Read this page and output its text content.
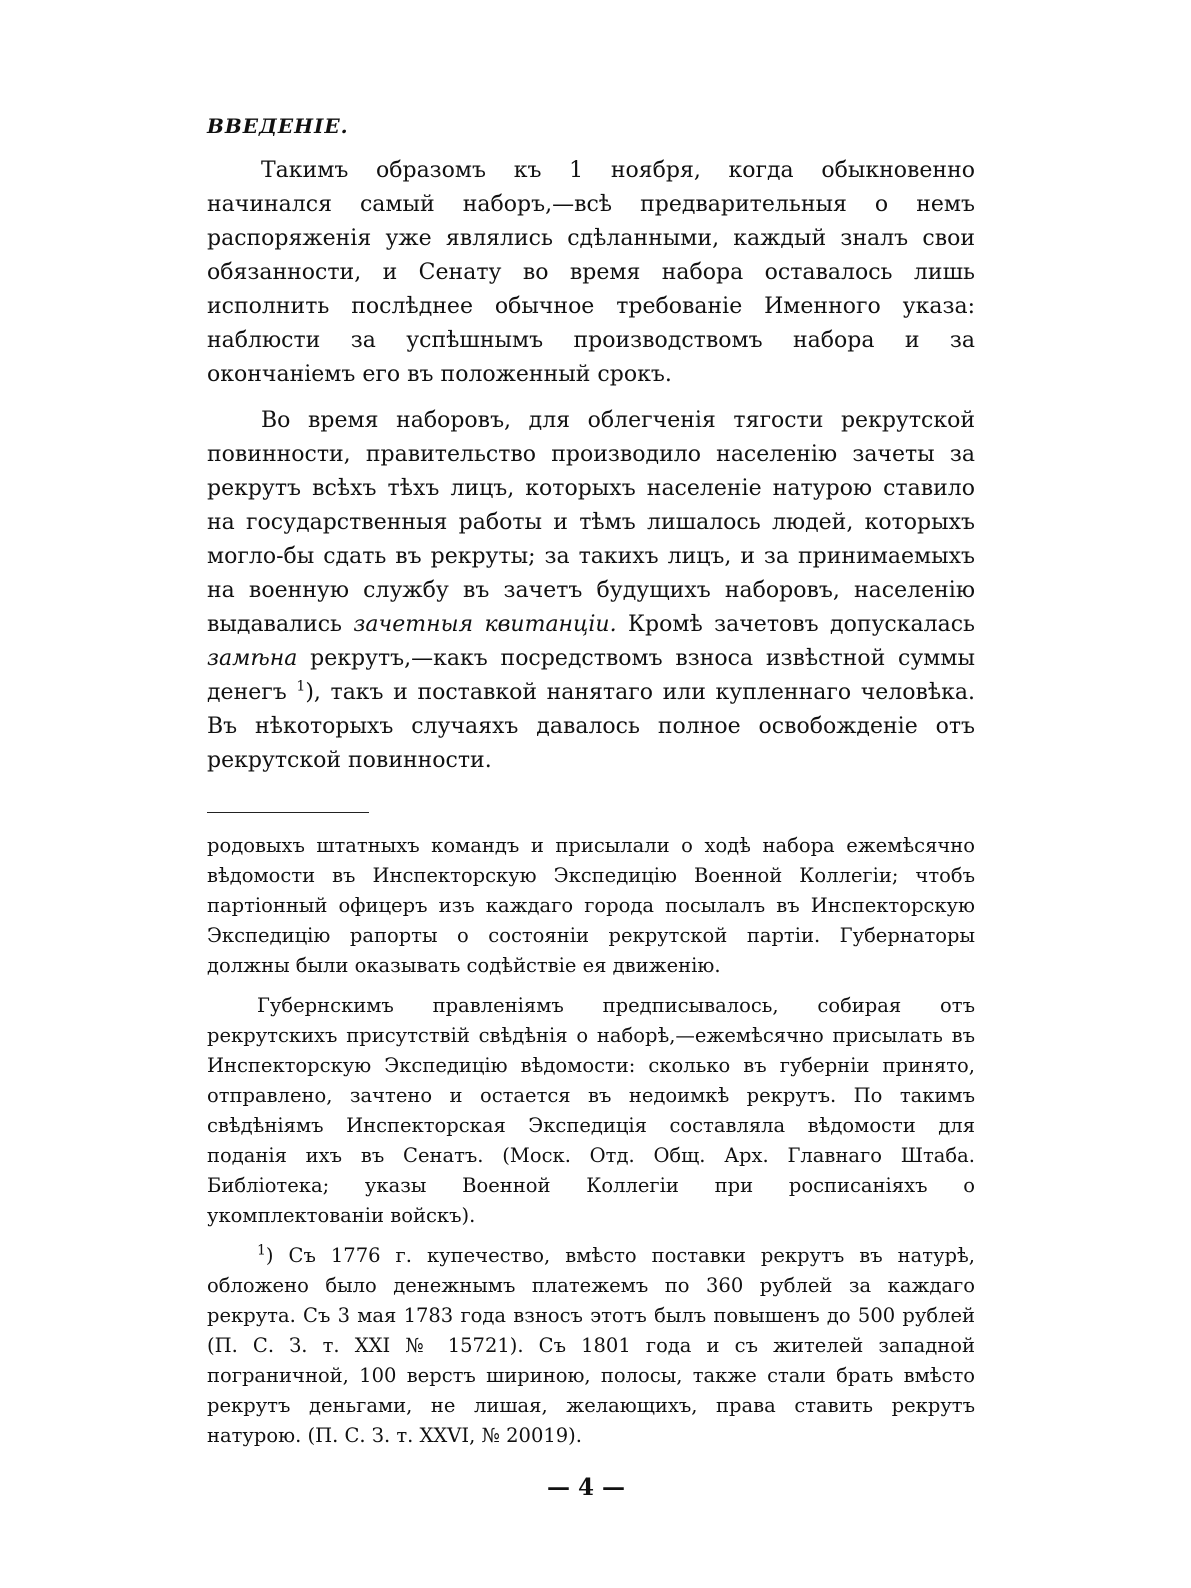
ВВЕДЕНІЕ.

Такимъ образомъ къ 1 ноября, когда обыкновенно начинался самый наборъ,—всѣ предварительныя о немъ распоряженія уже являлись сдѣланными, каждый зналъ свои обязанности, и Сенату во время набора оставалось лишь исполнить послѣднее обычное требованіе Именного указа: наблюсти за успѣшнымъ производствомъ набора и за окончаніемъ его въ положенный срокъ.

Во время наборовъ, для облегченія тягости рекрутской повинности, правительство производило населенію зачеты за рекрутъ всѣхъ тѣхъ лицъ, которыхъ населеніе натурою ставило на государственныя работы и тѣмъ лишалось людей, которыхъ могло-бы сдать въ рекруты; за такихъ лицъ, и за принимаемыхъ на военную службу въ зачетъ будущихъ наборовъ, населенію выдавались зачетныя квитанціи. Кромѣ зачетовъ допускалась замѣна рекрутъ,—какъ посредствомъ взноса извѣстной суммы денегъ $^1$), такъ и поставкой нанятаго или купленнаго человѣка. Въ нѣкоторыхъ случаяхъ давалось полное освобожденіе отъ рекрутской повинности.

родовыхъ штатныхъ командъ и присылали о ходѣ набора ежемѣсячно вѣдомости въ Инспекторскую Экспедицію Военной Коллегіи; чтобъ партіонный офицеръ изъ каждаго города посылалъ въ Инспекторскую Экспедицію рапорты о состояніи рекрутской партіи. Губернаторы должны были оказывать содѣйствіе ея движенію.

Губернскимъ правленіямъ предписывалось, собирая отъ рекрутскихъ присутствій свѣдѣнія о наборѣ,—ежемѣсячно присылать въ Инспекторскую Экспедицію вѣдомости: сколько въ губерніи принято, отправлено, зачтено и остается въ недоимкѣ рекрутъ. По такимъ свѣдѣніямъ Инспекторская Экспедиція составляла вѣдомости для поданія ихъ въ Сенатъ. (Моск. Отд. Общ. Арх. Главнаго Штаба. Библіотека; указы Военной Коллегіи при росписаніяхъ о укомплектованіи войскъ).

$^1$) Съ 1776 г. купечество, вмѣсто поставки рекрутъ въ натурѣ, обложено было денежнымъ платежемъ по 360 рублей за каждаго рекрута. Съ 3 мая 1783 года взносъ этотъ былъ повышенъ до 500 рублей (П. С. З. т. XXI № 15721). Съ 1801 года и съ жителей западной пограничной, 100 верстъ шириною, полосы, также стали брать вмѣсто рекрутъ деньгами, не лишая, желающихъ, права ставить рекрутъ натурою. (П. С. З. т. XXVI, № 20019).

— 4 —
